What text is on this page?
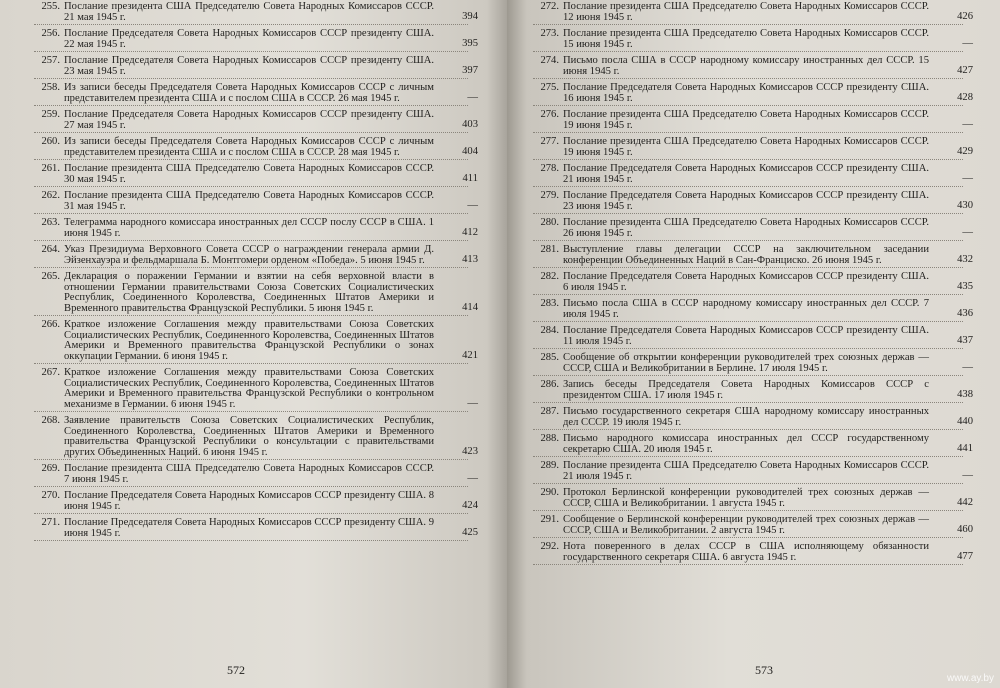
255. Послание президента США Председателю Совета Народных Комиссаров СССР. 21 мая 1945 г.	394
256. Послание Председателя Совета Народных Комиссаров СССР президенту США. 22 мая 1945 г.	395
257. Послание Председателя Совета Народных Комиссаров СССР президенту США. 23 мая 1945 г.	397
258. Из записи беседы Председателя Совета Народных Комиссаров СССР с личным представителем президента США и с послом США в СССР. 26 мая 1945 г.	—
259. Послание Председателя Совета Народных Комиссаров СССР президенту США. 27 мая 1945 г.	403
260. Из записи беседы Председателя Совета Народных Комиссаров СССР с личным представителем президента США и с послом США в СССР. 28 мая 1945 г.	404
261. Послание президента США Председателю Совета Народных Комиссаров СССР. 30 мая 1945 г.	411
262. Послание президента США Председателю Совета Народных Комиссаров СССР. 31 мая 1945 г.	—
263. Телеграмма народного комиссара иностранных дел СССР послу СССР в США. 1 июня 1945 г.	412
264. Указ Президиума Верховного Совета СССР о награждении генерала армии Д. Эйзенхауэра и фельдмаршала Б. Монтгомери орденом «Победа». 5 июня 1945 г.	413
265. Декларация о поражении Германии и взятии на себя верховной власти в отношении Германии правительствами Союза Советских Социалистических Республик, Соединенного Королевства, Соединенных Штатов Америки и Временного правительства Французской Республики. 5 июня 1945 г.	414
266. Краткое изложение Соглашения между правительствами Союза Советских Социалистических Республик, Соединенного Королевства, Соединенных Штатов Америки и Временного правительства Французской Республики о зонах оккупации Германии. 6 июня 1945 г.	421
267. Краткое изложение Соглашения между правительствами Союза Советских Социалистических Республик, Соединенного Королевства, Соединенных Штатов Америки и Временного правительства Французской Республики о контрольном механизме в Германии. 6 июня 1945 г.	—
268. Заявление правительств Союза Советских Социалистических Республик, Соединенного Королевства, Соединенных Штатов Америки и Временного правительства Французской Республики о консультации с правительствами других Объединенных Наций. 6 июня 1945 г.	423
269. Послание президента США Председателю Совета Народных Комиссаров СССР. 7 июня 1945 г.	—
270. Послание Председателя Совета Народных Комиссаров СССР президенту США. 8 июня 1945 г.	424
271. Послание Председателя Совета Народных Комиссаров СССР президенту США. 9 июня 1945 г.	425
572
272. Послание президента США Председателю Совета Народных Комиссаров СССР. 12 июня 1945 г.	426
273. Послание президента США Председателю Совета Народных Комиссаров СССР. 15 июня 1945 г.	—
274. Письмо посла США в СССР народному комиссару иностранных дел СССР. 15 июня 1945 г.	427
275. Послание Председателя Совета Народных Комиссаров СССР президенту США. 16 июня 1945 г.	428
276. Послание президента США Председателю Совета Народных Комиссаров СССР. 19 июня 1945 г.	—
277. Послание президента США Председателю Совета Народных Комиссаров СССР. 19 июня 1945 г.	429
278. Послание Председателя Совета Народных Комиссаров СССР президенту США. 21 июня 1945 г.	—
279. Послание Председателя Совета Народных Комиссаров СССР президенту США. 23 июня 1945 г.	430
280. Послание президента США Председателю Совета Народных Комиссаров СССР. 26 июня 1945 г.	—
281. Выступление главы делегации СССР на заключительном заседании конференции Объединенных Наций в Сан-Франциско. 26 июня 1945 г.	432
282. Послание Председателя Совета Народных Комиссаров СССР президенту США. 6 июля 1945 г.	435
283. Письмо посла США в СССР народному комиссару иностранных дел СССР. 7 июля 1945 г.	436
284. Послание Председателя Совета Народных Комиссаров СССР президенту США. 11 июля 1945 г.	437
285. Сообщение об открытии конференции руководителей трех союзных держав — СССР, США и Великобритании в Берлине. 17 июля 1945 г.	—
286. Запись беседы Председателя Совета Народных Комиссаров СССР с президентом США. 17 июля 1945 г.	438
287. Письмо государственного секретаря США народному комиссару иностранных дел СССР. 19 июля 1945 г.	440
288. Письмо народного комиссара иностранных дел СССР государственному секретарю США. 20 июля 1945 г.	441
289. Послание президента США Председателю Совета Народных Комиссаров СССР. 21 июля 1945 г.	—
290. Протокол Берлинской конференции руководителей трех союзных держав — СССР, США и Великобритании. 1 августа 1945 г.	442
291. Сообщение о Берлинской конференции руководителей трех союзных держав — СССР, США и Великобритании. 2 августа 1945 г.	460
292. Нота поверенного в делах СССР в США исполняющему обязанности государственного секретаря США. 6 августа 1945 г.	477
573
www.ay.by
